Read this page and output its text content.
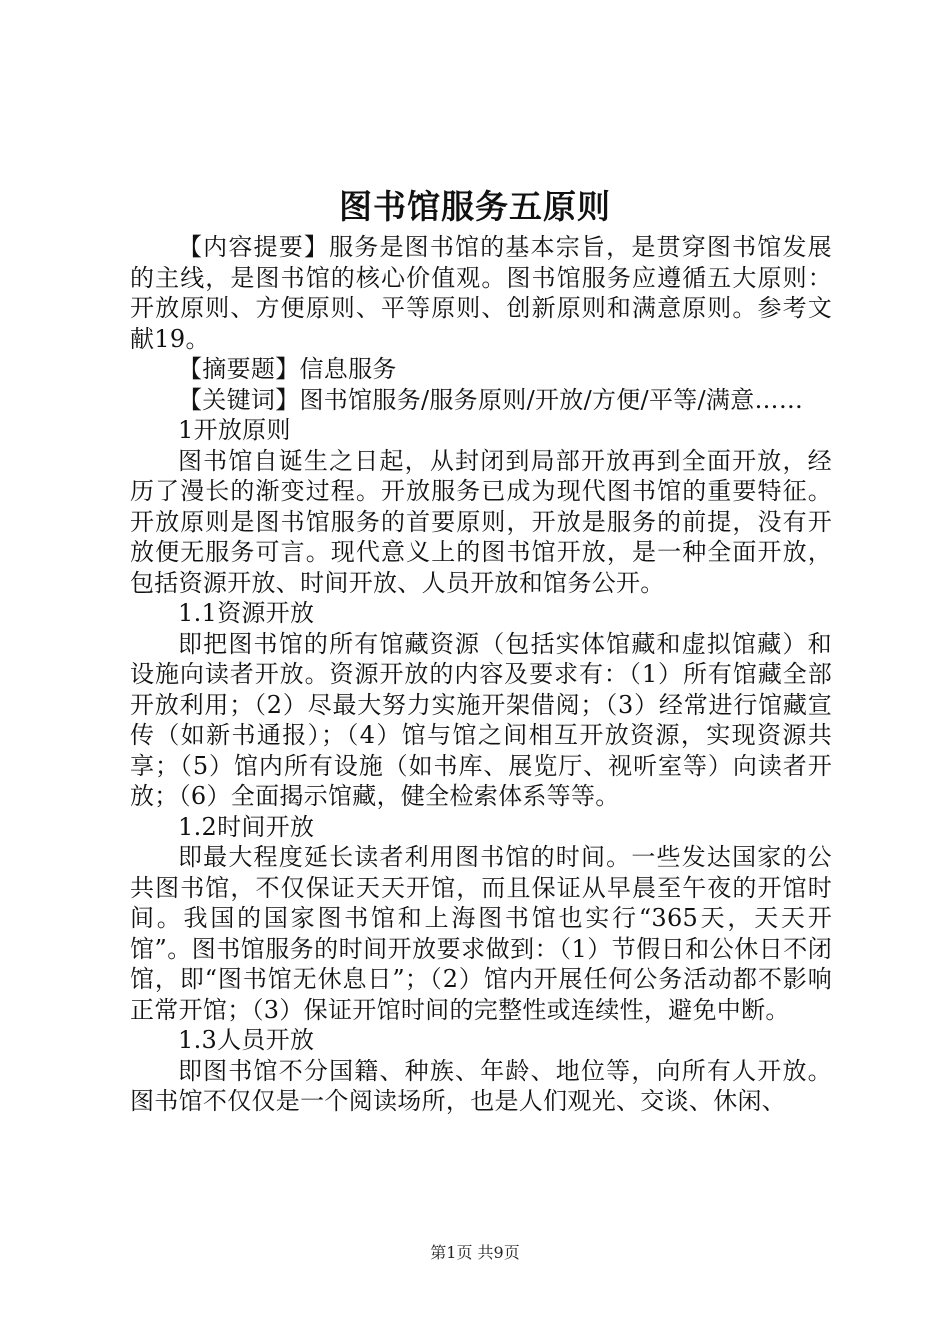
图书馆服务五原则

【内容提要】服务是图书馆的基本宗旨，是贯穿图书馆发展的主线，是图书馆的核心价值观。图书馆服务应遵循五大原则：开放原则、方便原则、平等原则、创新原则和满意原则。参考文献19。

【摘要题】信息服务

【关键词】图书馆服务/服务原则/开放/方便/平等/满意……

1开放原则

图书馆自诞生之日起，从封闭到局部开放再到全面开放，经历了漫长的渐变过程。开放服务已成为现代图书馆的重要特征。开放原则是图书馆服务的首要原则，开放是服务的前提，没有开放便无服务可言。现代意义上的图书馆开放，是一种全面开放，包括资源开放、时间开放、人员开放和馆务公开。

1.1资源开放

即把图书馆的所有馆藏资源（包括实体馆藏和虚拟馆藏）和设施向读者开放。资源开放的内容及要求有：（1）所有馆藏全部开放利用；（2）尽最大努力实施开架借阅；（3）经常进行馆藏宣传（如新书通报）；（4）馆与馆之间相互开放资源，实现资源共享；（5）馆内所有设施（如书库、展览厅、视听室等）向读者开放；（6）全面揭示馆藏，健全检索体系等等。

1.2时间开放

即最大程度延长读者利用图书馆的时间。一些发达国家的公共图书馆，不仅保证天天开馆，而且保证从早晨至午夜的开馆时间。我国的国家图书馆和上海图书馆也实行“365天，天天开馆”。图书馆服务的时间开放要求做到：（1）节假日和公休日不闭馆，即“图书馆无休息日”；（2）馆内开展任何公务活动都不影响正常开馆；（3）保证开馆时间的完整性或连续性，避免中断。

1.3人员开放

即图书馆不分国籍、种族、年龄、地位等，向所有人开放。图书馆不仅仅是一个阅读场所，也是人们观光、交谈、休闲、

第1页 共9页
